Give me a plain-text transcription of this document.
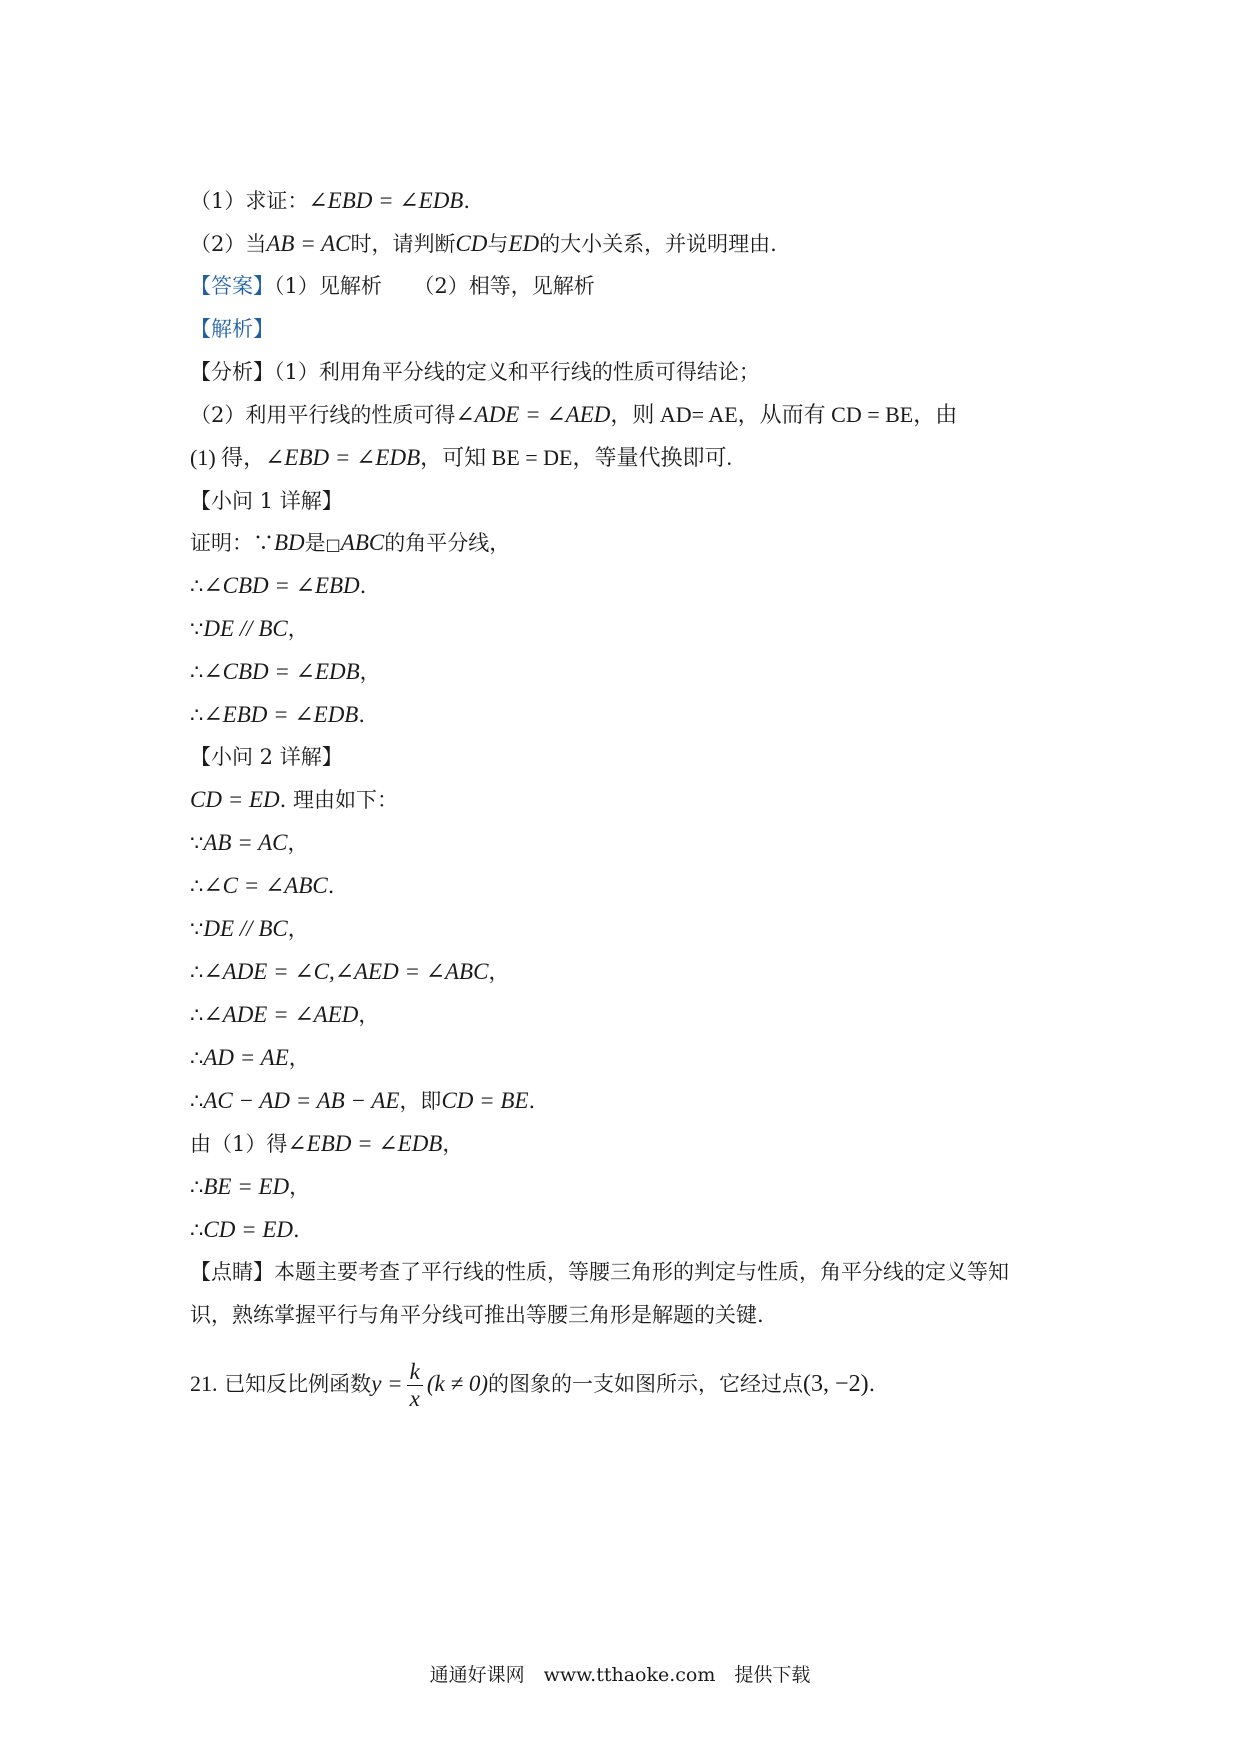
（1）求证：∠EBD = ∠EDB.
（2）当AB = AC时，请判断CD与ED的大小关系，并说明理由.
【答案】（1）见解析　　（2）相等，见解析
【解析】
【分析】（1）利用角平分线的定义和平行线的性质可得结论；
（2）利用平行线的性质可得∠ADE = ∠AED，则 AD= AE，从而有 CD = BE，由
(1) 得，∠EBD = ∠EDB，可知 BE = DE，等量代换即可.
【小问 1 详解】
证明：∵BD是□ABC的角平分线，
∴∠CBD = ∠EBD.
∵DE // BC，
∴∠CBD = ∠EDB，
∴∠EBD = ∠EDB.
【小问 2 详解】
CD = ED. 理由如下：
∵AB = AC，
∴∠C = ∠ABC.
∵DE // BC，
∴∠ADE = ∠C,∠AED = ∠ABC，
∴∠ADE = ∠AED，
∴AD = AE，
∴AC − AD = AB − AE，即CD = BE.
由（1）得∠EBD = ∠EDB，
∴BE = ED，
∴CD = ED.
【点睛】本题主要考查了平行线的性质，等腰三角形的判定与性质，角平分线的定义等知
识，熟练掌握平行与角平分线可推出等腰三角形是解题的关键.
21. 已知反比例函数$y = \frac{k}{x} (k \ne 0)$的图象的一支如图所示，它经过点(3, −2).
通通好课网　www.tthaoke.com　提供下载
